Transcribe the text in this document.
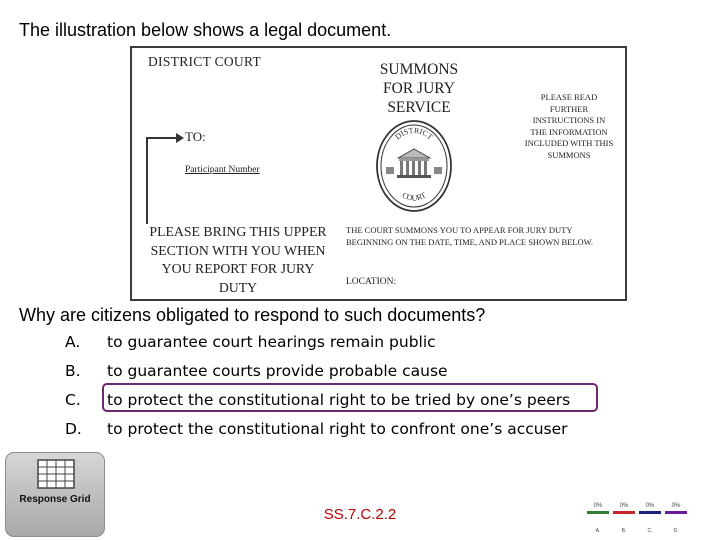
The illustration below shows a legal document.
DISTRICT COURT	SUMMONS
FOR JURY
SERVICE
PLEASE READ
FURTHER
INSTRUCTIONS IN
THE INFORMATION
INCLUDED WITH THIS
SUMMONS
TO:
Participant Number
DISTRICT
COURT
PLEASE BRING THIS UPPER
SECTION WITH YOU WHEN
YOU REPORT FOR JURY
DUTY
THE COURT SUMMONS YOU TO APPEAR FOR JURY DUTY
BEGINNING ON THE DATE, TIME, AND PLACE SHOWN BELOW.
LOCATION:
Why are citizens obligated to respond to such documents?
A. to guarantee court hearings remain public
B. to guarantee courts provide probable cause
C. to protect the constitutional right to be tried by one’s peers
D. to protect the constitutional right to confront one’s accuser
Response Grid
SS.7.C.2.2	0%
A.
0%
B.
0%
C.
0%
D.
